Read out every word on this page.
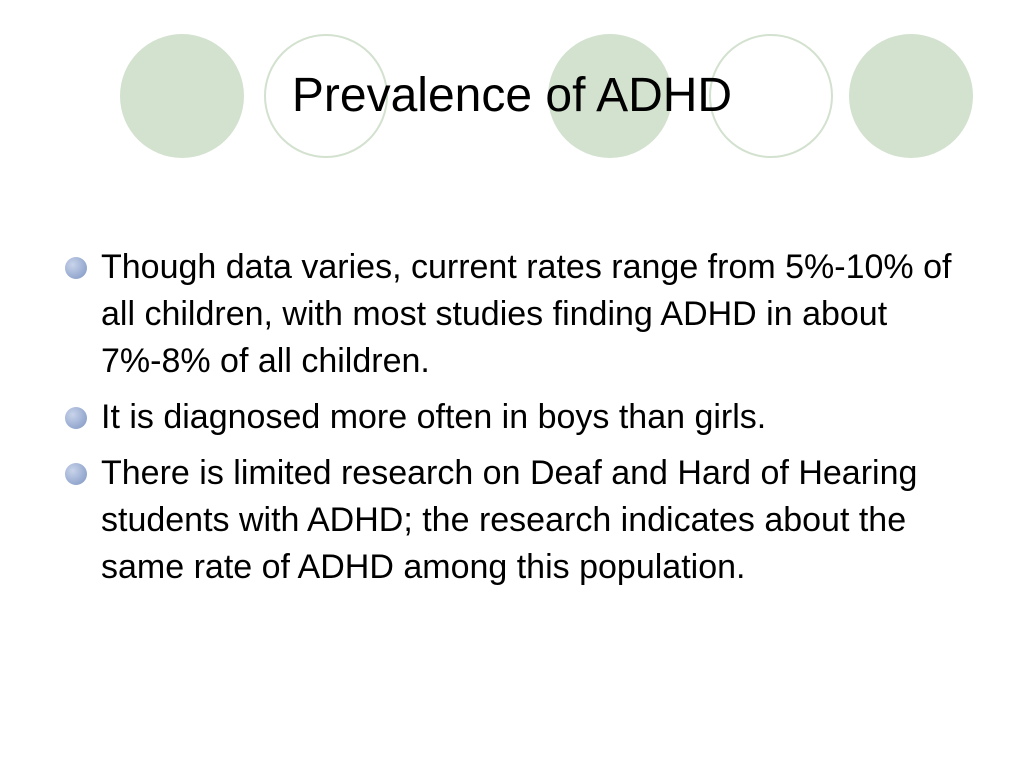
Prevalence of ADHD
Though data varies, current rates range from 5%-10% of all children, with most studies finding ADHD in about 7%-8% of all children.
It is diagnosed more often in boys than girls.
There is limited research on Deaf and Hard of Hearing students with ADHD; the research indicates about the same rate of ADHD among this population.
